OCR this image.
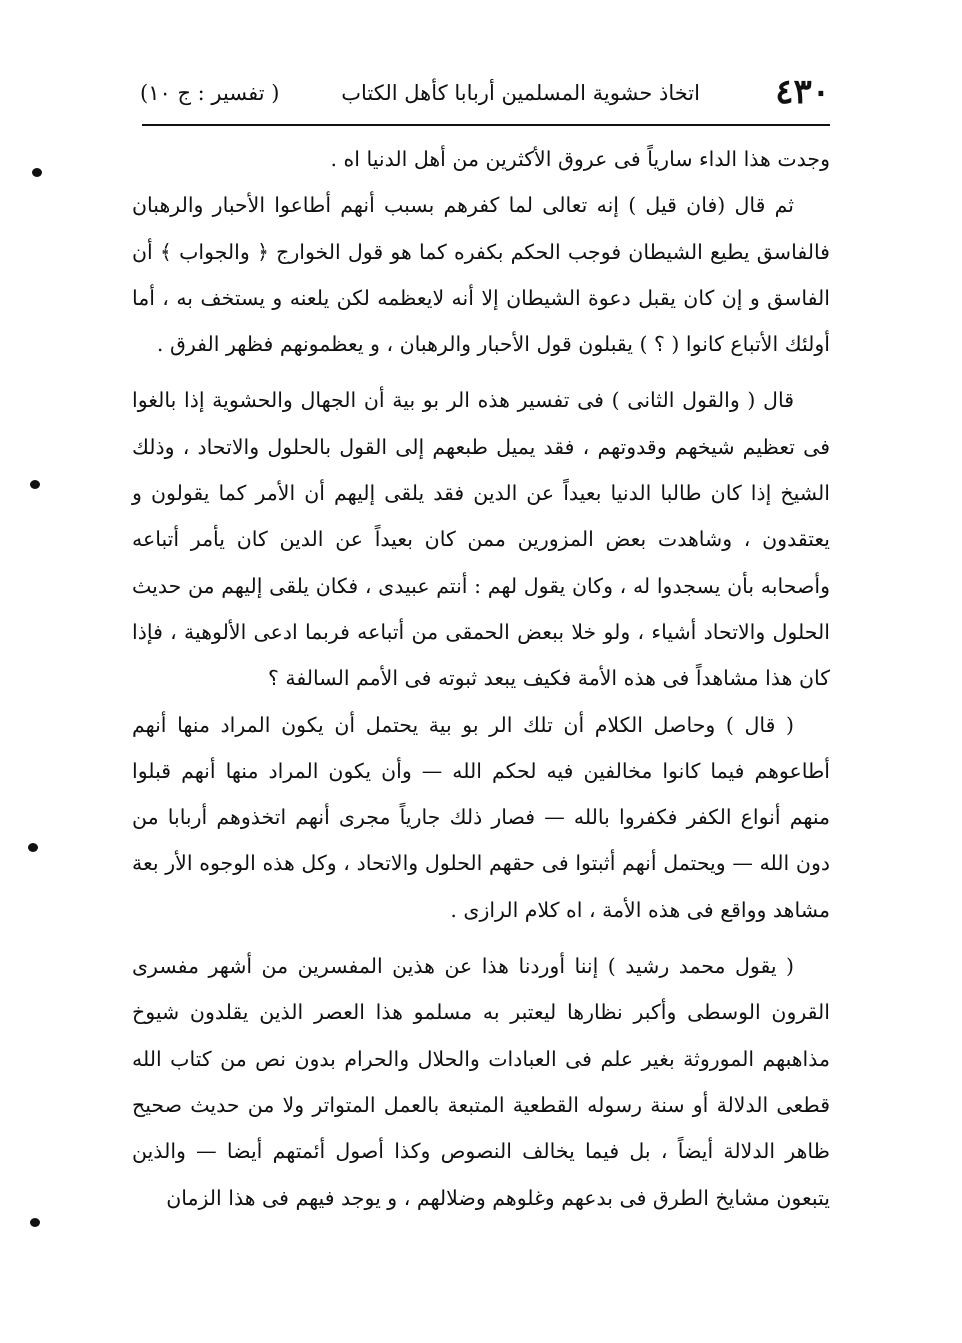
٤٣٠
اتخاذ حشوية المسلمين أربابا كأهل الكتاب
( تفسير : ج ١٠)

وجدت هذا الداء سارياً فى عروق الأكثرين من أهل الدنيا اه .

ثم قال (فان قيل ) إنه تعالى لما كفرهم بسبب أنهم أطاعوا الأحبار والرهبان فالفاسق يطيع الشيطان فوجب الحكم بكفره كما هو قول الخوارج ﴿ والجواب ﴾ أن الفاسق و إن كان يقبل دعوة الشيطان إلا أنه لايعظمه لكن يلعنه و يستخف به ، أما أولئك الأتباع كانوا ( ؟ ) يقبلون قول الأحبار والرهبان ، و يعظمونهم فظهر الفرق .

قال ( والقول الثانى ) فى تفسير هذه الر بو بية أن الجهال والحشوية إذا بالغوا فى تعظيم شيخهم وقدوتهم ، فقد يميل طبعهم إلى القول بالحلول والاتحاد ، وذلك الشيخ إذا كان طالبا الدنيا بعيداً عن الدين فقد يلقى إليهم أن الأمر كما يقولون و يعتقدون ، وشاهدت بعض المزورين ممن كان بعيداً عن الدين كان يأمر أتباعه وأصحابه بأن يسجدوا له ، وكان يقول لهم : أنتم عبيدى ، فكان يلقى إليهم من حديث الحلول والاتحاد أشياء ، ولو خلا ببعض الحمقى من أتباعه فربما ادعى الألوهية ، فإذا كان هذا مشاهداً فى هذه الأمة فكيف يبعد ثبوته فى الأمم السالفة ؟

( قال ) وحاصل الكلام أن تلك الر بو بية يحتمل أن يكون المراد منها أنهم أطاعوهم فيما كانوا مخالفين فيه لحكم الله — وأن يكون المراد منها أنهم قبلوا منهم أنواع الكفر فكفروا بالله — فصار ذلك جارياً مجرى أنهم اتخذوهم أربابا من دون الله — ويحتمل أنهم أثبتوا فى حقهم الحلول والاتحاد ، وكل هذه الوجوه الأر بعة مشاهد وواقع فى هذه الأمة ، اه كلام الرازى .

( يقول محمد رشيد ) إننا أوردنا هذا عن هذين المفسرين من أشهر مفسرى القرون الوسطى وأكبر نظارها ليعتبر به مسلمو هذا العصر الذين يقلدون شيوخ مذاهبهم الموروثة بغير علم فى العبادات والحلال والحرام بدون نص من كتاب الله قطعى الدلالة أو سنة رسوله القطعية المتبعة بالعمل المتواتر ولا من حديث صحيح ظاهر الدلالة أيضاً ، بل فيما يخالف النصوص وكذا أصول أئمتهم أيضا — والذين يتبعون مشايخ الطرق فى بدعهم وغلوهم وضلالهم ، و يوجد فيهم فى هذا الزمان
